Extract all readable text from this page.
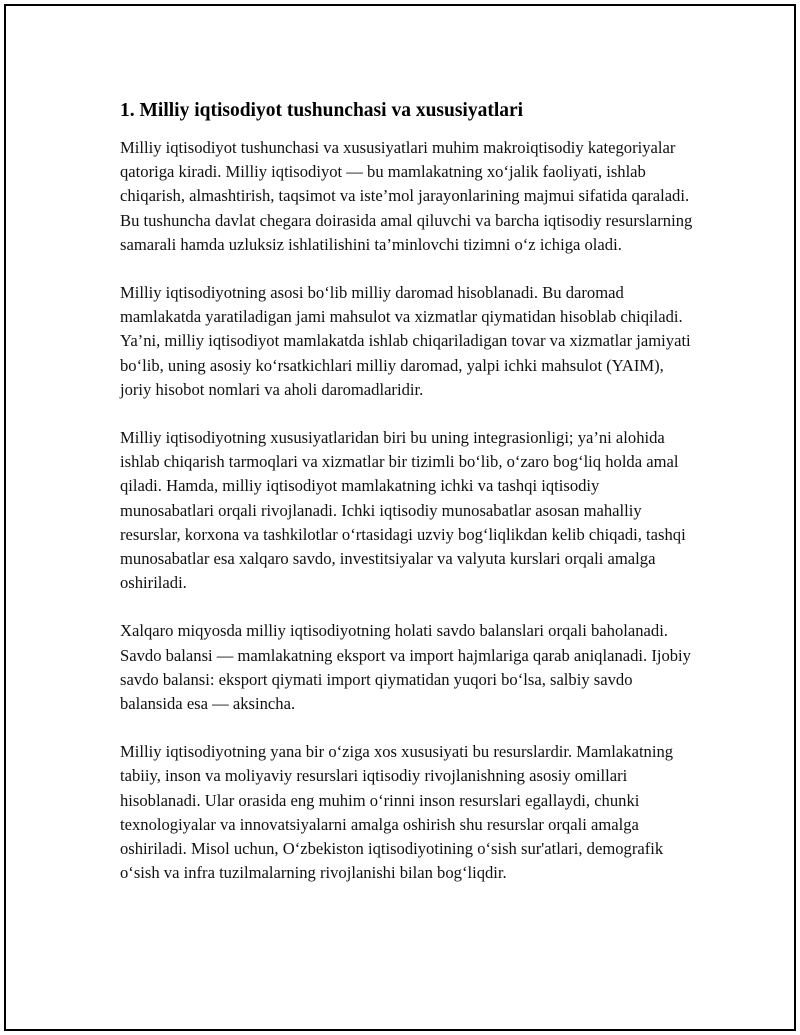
1. Milliy iqtisodiyot tushunchasi va xususiyatlari

Milliy iqtisodiyot tushunchasi va xususiyatlari muhim makroiqtisodiy kategoriyalar qatoriga kiradi. Milliy iqtisodiyot — bu mamlakatning xo‘jalik faoliyati, ishlab chiqarish, almashtirish, taqsimot va iste’mol jarayonlarining majmui sifatida qaraladi. Bu tushuncha davlat chegara doirasida amal qiluvchi va barcha iqtisodiy resurslarning samarali hamda uzluksiz ishlatilishini ta’minlovchi tizimni o‘z ichiga oladi.

Milliy iqtisodiyotning asosi bo‘lib milliy daromad hisoblanadi. Bu daromad mamlakatda yaratiladigan jami mahsulot va xizmatlar qiymatidan hisoblab chiqiladi. Ya’ni, milliy iqtisodiyot mamlakatda ishlab chiqariladigan tovar va xizmatlar jamiyati bo‘lib, uning asosiy ko‘rsatkichlari milliy daromad, yalpi ichki mahsulot (YAIM), joriy hisobot nomlari va aholi daromadlaridir.

Milliy iqtisodiyotning xususiyatlaridan biri bu uning integrasionligi; ya’ni alohida ishlab chiqarish tarmoqlari va xizmatlar bir tizimli bo‘lib, o‘zaro bog‘liq holda amal qiladi. Hamda, milliy iqtisodiyot mamlakatning ichki va tashqi iqtisodiy munosabatlari orqali rivojlanadi. Ichki iqtisodiy munosabatlar asosan mahalliy resurslar, korxona va tashkilotlar o‘rtasidagi uzviy bog‘liqlikdan kelib chiqadi, tashqi munosabatlar esa xalqaro savdo, investitsiyalar va valyuta kurslari orqali amalga oshiriladi.

Xalqaro miqyosda milliy iqtisodiyotning holati savdo balanslari orqali baholanadi. Savdo balansi — mamlakatning eksport va import hajmlariga qarab aniqlanadi. Ijobiy savdo balansi: eksport qiymati import qiymatidan yuqori bo‘lsa, salbiy savdo balansida esa — aksincha.

Milliy iqtisodiyotning yana bir o‘ziga xos xususiyati bu resurslardir. Mamlakatning tabiiy, inson va moliyaviy resurslari iqtisodiy rivojlanishning asosiy omillari hisoblanadi. Ular orasida eng muhim o‘rinni inson resurslari egallaydi, chunki texnologiyalar va innovatsiyalarni amalga oshirish shu resurslar orqali amalga oshiriladi. Misol uchun, O‘zbekiston iqtisodiyotining o‘sish sur'atlari, demografik o‘sish va infra tuzilmalarning rivojlanishi bilan bog‘liqdir.
